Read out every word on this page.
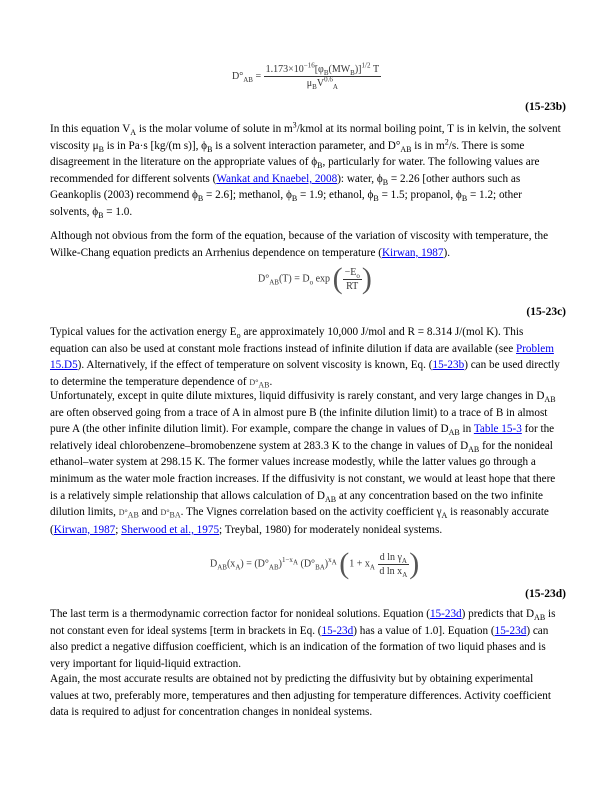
$D^\circ_{AB} = \frac{1.173\times 10^{-16}[\varphi_B(MW_B)]^{1/2} T}{\mu_BV^{0.6}_A}$
(15-23b)

In this equation $V_A$ is the molar volume of solute in $m^3$/kmol at its normal boiling point, T is in kelvin, the solvent viscosity $\mu_B$ is in Pa·s [kg/(m s)], $\phi_B$ is a solvent interaction parameter, and $D^\circ_{AB}$ is in $m^2/s$. There is some disagreement in the literature on the appropriate values of $\phi_B$, particularly for water. The following values are recommended for different solvents (Wankat and Knaebel, 2008): water, $\phi_B = 2.26$ [other authors such as Geankoplis (2003) recommend $\phi_B = 2.6$]; methanol, $\phi_B = 1.9$; ethanol, $\phi_B = 1.5$; propanol, $\phi_B = 1.2$; other solvents, $\phi_B = 1.0$.

Although not obvious from the form of the equation, because of the variation of viscosity with temperature, the Wilke-Chang equation predicts an Arrhenius dependence on temperature (Kirwan, 1987).

$D^\circ_{AB}(T) = D_o$ exp ( $\frac{-E_o}{RT}$ )
(15-23c)

Typical values for the activation energy $E_o$ are approximately 10,000 J/mol and R = 8.314 J/(mol K). This equation can also be used at constant mole fractions instead of infinite dilution if data are available (see Problem 15.D5). Alternatively, if the effect of temperature on solvent viscosity is known, Eq. (15-23b) can be used directly to determine the temperature dependence of $D^\circ_{AB}$.

Unfortunately, except in quite dilute mixtures, liquid diffusivity is rarely constant, and very large changes in $D_{AB}$ are often observed going from a trace of A in almost pure B (the infinite dilution limit) to a trace of B in almost pure A (the other infinite dilution limit). For example, compare the change in values of $D_{AB}$ in Table 15-3 for the relatively ideal chlorobenzene–bromobenzene system at 283.3 K to the change in values of $D_{AB}$ for the nonideal ethanol–water system at 298.15 K. The former values increase modestly, while the latter values go through a minimum as the water mole fraction increases. If the diffusivity is not constant, we would at least hope that there is a relatively simple relationship that allows calculation of $D_{AB}$ at any concentration based on the two infinite dilution limits, $D^\circ_{AB}$ and $D^\circ_{BA}$. The Vignes correlation based on the activity coefficient $\gamma_A$ is reasonably accurate (Kirwan, 1987; Sherwood et al., 1975; Treybal, 1980) for moderately nonideal systems.

$D_{AB}(x_A) = (D^\circ_{AB})^{1-x_A}$ $(D^\circ_{BA})^{x_A}$ ($1 + x_A \frac{d \ln \gamma_A}{d \ln x_A}$ )
(15-23d)

The last term is a thermodynamic correction factor for nonideal solutions. Equation (15-23d) predicts that $D_{AB}$ is not constant even for ideal systems [term in brackets in Eq. (15-23d) has a value of 1.0]. Equation (15-23d) can also predict a negative diffusion coefficient, which is an indication of the formation of two liquid phases and is very important for liquid-liquid extraction.

Again, the most accurate results are obtained not by predicting the diffusivity but by obtaining experimental values at two, preferably more, temperatures and then adjusting for temperature differences. Activity coefficient data is required to adjust for concentration changes in nonideal systems.
